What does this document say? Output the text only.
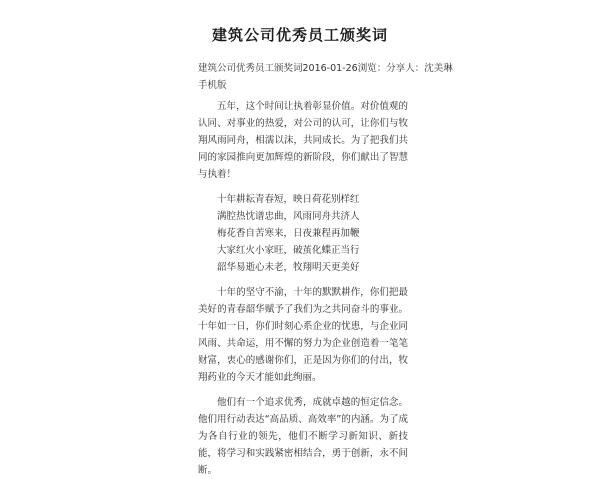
建筑公司优秀员工颁奖词
建筑公司优秀员工颁奖词2016-01-26浏览：分享人：沈美琳
手机版

五年，这个时间让执着彰显价值。对价值观的认同、对事业的热爱，对公司的认可，让你们与牧翔风雨同舟，相濡以沫，共同成长。为了把我们共同的家园推向更加辉煌的新阶段，你们献出了智慧与执着！

十年耕耘青春短，映日荷花别样红

满腔热忱谱忠曲，风雨同舟共济人

梅花香自苦寒来，日夜兼程再加鞭

大家红火小家旺，破茧化蝶正当行

韶华易逝心未老，牧翔明天更美好

十年的坚守不渝，十年的默默耕作，你们把最美好的青春韶华赋予了我们为之共同奋斗的事业。十年如一日，你们时刻心系企业的忧患，与企业同风雨、共命运，用不懈的努力为企业创造着一笔笔财富，衷心的感谢你们，正是因为你们的付出，牧翔药业的今天才能如此绚丽。

他们有一个追求优秀，成就卓越的恒定信念。他们用行动表达“高品质、高效率”的内涵。为了成为各自行业的领先，他们不断学习新知识、新技能，将学习和实践紧密相结合，勇于创新，永不间断。
